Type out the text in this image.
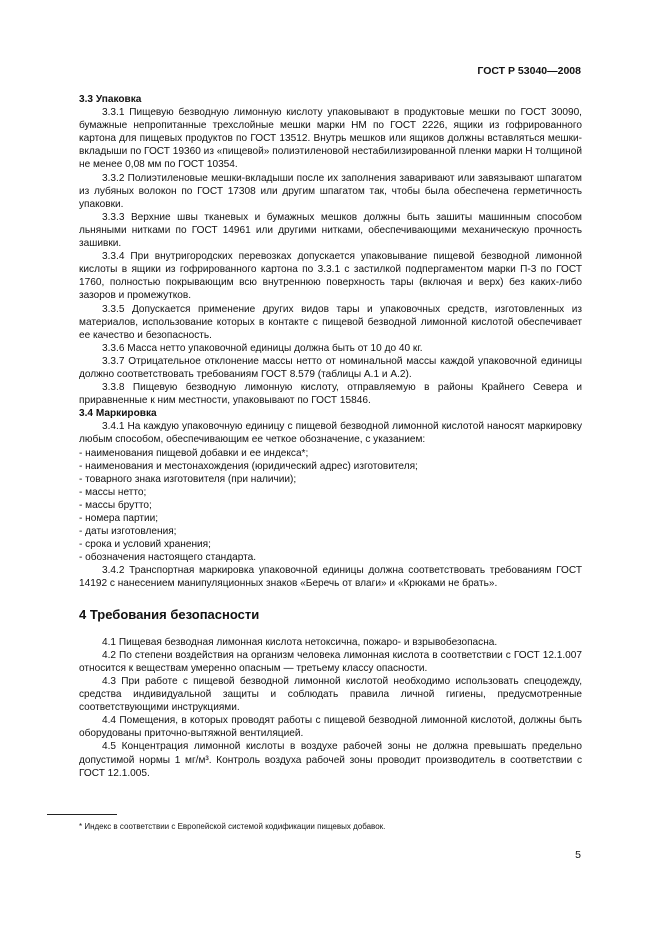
ГОСТ Р 53040—2008

3.3 Упаковка

3.3.1 Пищевую безводную лимонную кислоту упаковывают в продуктовые мешки по ГОСТ 30090, бумажные непропитанные трехслойные мешки марки НМ по ГОСТ 2226, ящики из гофрированного картона для пищевых продуктов по ГОСТ 13512. Внутрь мешков или ящиков должны вставляться мешки-вкладыши по ГОСТ 19360 из «пищевой» полиэтиленовой нестабилизированной пленки марки Н толщиной не менее 0,08 мм по ГОСТ 10354.

3.3.2 Полиэтиленовые мешки-вкладыши после их заполнения заваривают или завязывают шпагатом из лубяных волокон по ГОСТ 17308 или другим шпагатом так, чтобы была обеспечена герметичность упаковки.

3.3.3 Верхние швы тканевых и бумажных мешков должны быть зашиты машинным способом льняными нитками по ГОСТ 14961 или другими нитками, обеспечивающими механическую прочность зашивки.

3.3.4 При внутригородских перевозках допускается упаковывание пищевой безводной лимонной кислоты в ящики из гофрированного картона по 3.3.1 с застилкой подпергаментом марки П-3 по ГОСТ 1760, полностью покрывающим всю внутреннюю поверхность тары (включая и верх) без каких-либо зазоров и промежутков.

3.3.5 Допускается применение других видов тары и упаковочных средств, изготовленных из материалов, использование которых в контакте с пищевой безводной лимонной кислотой обеспечивает ее качество и безопасность.

3.3.6 Масса нетто упаковочной единицы должна быть от 10 до 40 кг.

3.3.7 Отрицательное отклонение массы нетто от номинальной массы каждой упаковочной единицы должно соответствовать требованиям ГОСТ 8.579 (таблицы А.1 и А.2).

3.3.8 Пищевую безводную лимонную кислоту, отправляемую в районы Крайнего Севера и приравненные к ним местности, упаковывают по ГОСТ 15846.

3.4 Маркировка

3.4.1 На каждую упаковочную единицу с пищевой безводной лимонной кислотой наносят маркировку любым способом, обеспечивающим ее четкое обозначение, с указанием:

- наименования пищевой добавки и ее индекса*;

- наименования и местонахождения (юридический адрес) изготовителя;

- товарного знака изготовителя (при наличии);

- массы нетто;

- массы брутто;

- номера партии;

- даты изготовления;

- срока и условий хранения;

- обозначения настоящего стандарта.

3.4.2 Транспортная маркировка упаковочной единицы должна соответствовать требованиям ГОСТ 14192 с нанесением манипуляционных знаков «Беречь от влаги» и «Крюками не брать».

4 Требования безопасности

4.1 Пищевая безводная лимонная кислота нетоксична, пожаро- и взрывобезопасна.

4.2 По степени воздействия на организм человека лимонная кислота в соответствии с ГОСТ 12.1.007 относится к веществам умеренно опасным — третьему классу опасности.

4.3 При работе с пищевой безводной лимонной кислотой необходимо использовать спецодежду, средства индивидуальной защиты и соблюдать правила личной гигиены, предусмотренные соответствующими инструкциями.

4.4 Помещения, в которых проводят работы с пищевой безводной лимонной кислотой, должны быть оборудованы приточно-вытяжной вентиляцией.

4.5 Концентрация лимонной кислоты в воздухе рабочей зоны не должна превышать предельно допустимой нормы 1 мг/м³. Контроль воздуха рабочей зоны проводит производитель в соответствии с ГОСТ 12.1.005.

* Индекс в соответствии с Европейской системой кодификации пищевых добавок.
5
